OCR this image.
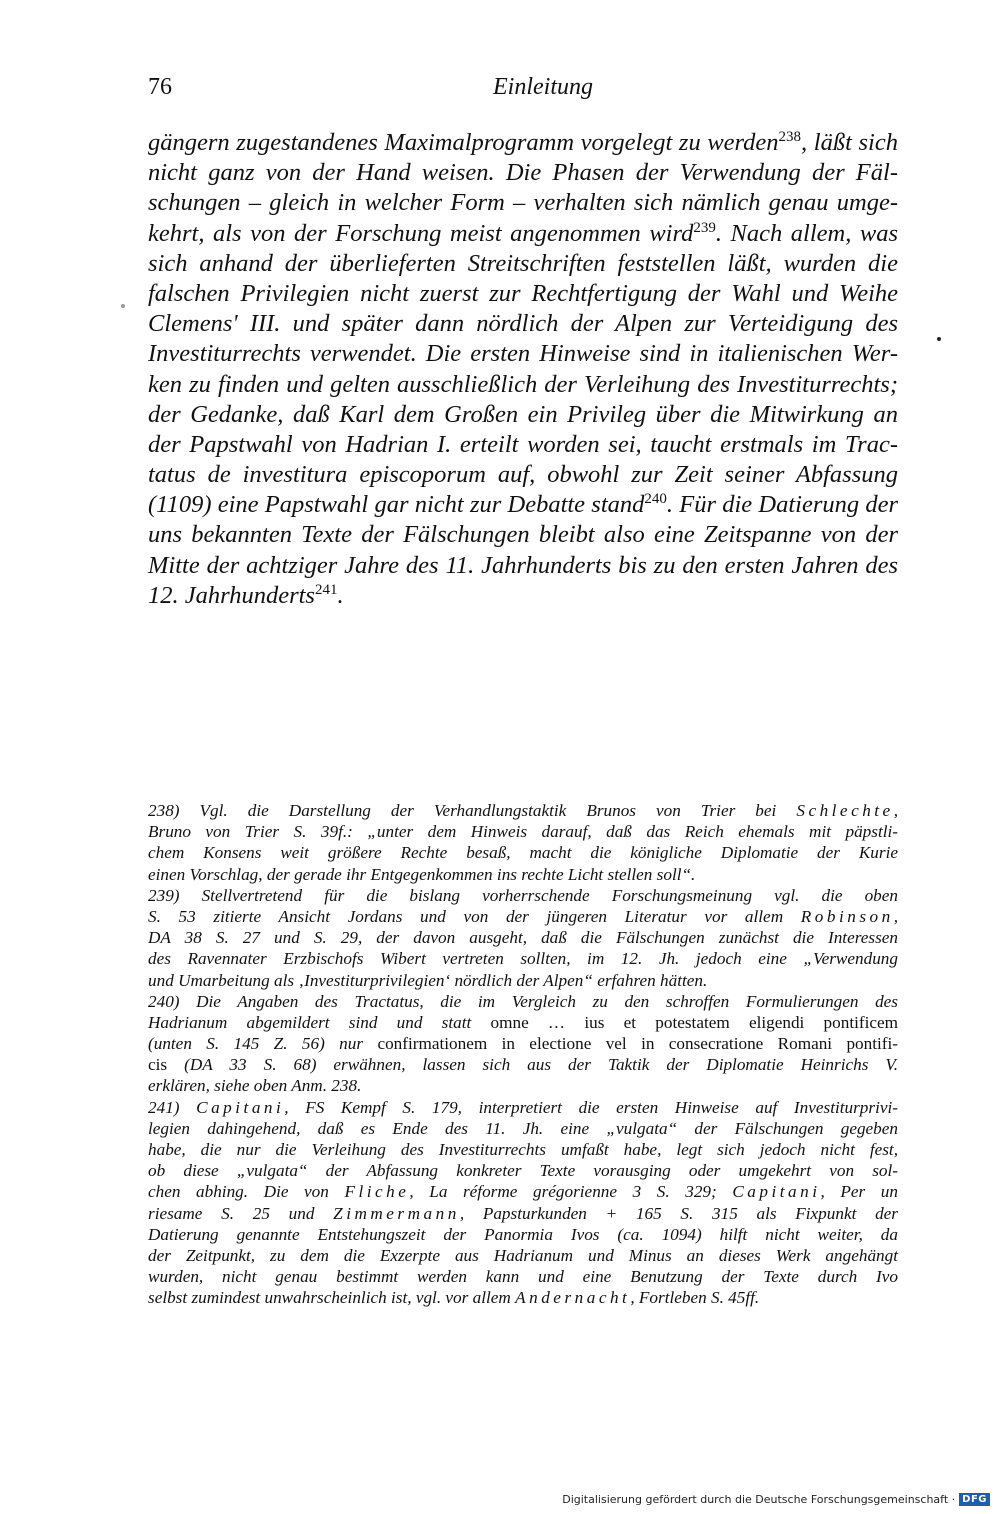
76	Einleitung
gängern zugestandenes Maximalprogramm vorgelegt zu werden$^{238}$, läßt sich
nicht ganz von der Hand weisen. Die Phasen der Verwendung der Fäl-
schungen – gleich in welcher Form – verhalten sich nämlich genau umge-
kehrt, als von der Forschung meist angenommen wird$^{239}$. Nach allem, was
sich anhand der überlieferten Streitschriften feststellen läßt, wurden die
falschen Privilegien nicht zuerst zur Rechtfertigung der Wahl und Weihe
Clemens' III. und später dann nördlich der Alpen zur Verteidigung des
Investiturrechts verwendet. Die ersten Hinweise sind in italienischen Wer-
ken zu finden und gelten ausschließlich der Verleihung des Investiturrechts;
der Gedanke, daß Karl dem Großen ein Privileg über die Mitwirkung an
der Papstwahl von Hadrian I. erteilt worden sei, taucht erstmals im Trac-
tatus de investitura episcoporum auf, obwohl zur Zeit seiner Abfassung
(1109) eine Papstwahl gar nicht zur Debatte stand$^{240}$. Für die Datierung der
uns bekannten Texte der Fälschungen bleibt also eine Zeitspanne von der
Mitte der achtziger Jahre des 11. Jahrhunderts bis zu den ersten Jahren des
12. Jahrhunderts$^{241}$.
238) Vgl. die Darstellung der Verhandlungstaktik Brunos von Trier bei Schlechte,
Bruno von Trier S. 39f.: „unter dem Hinweis darauf, daß das Reich ehemals mit päpstli-
chem Konsens weit größere Rechte besaß, macht die königliche Diplomatie der Kurie
einen Vorschlag, der gerade ihr Entgegenkommen ins rechte Licht stellen soll“.
239) Stellvertretend für die bislang vorherrschende Forschungsmeinung vgl. die oben
S. 53 zitierte Ansicht Jordans und von der jüngeren Literatur vor allem Robinson,
DA 38 S. 27 und S. 29, der davon ausgeht, daß die Fälschungen zunächst die Interessen
des Ravennater Erzbischofs Wibert vertreten sollten, im 12. Jh. jedoch eine „Verwendung
und Umarbeitung als ‚Investiturprivilegien‘ nördlich der Alpen“ erfahren hätten.
240) Die Angaben des Tractatus, die im Vergleich zu den schroffen Formulierungen des
Hadrianum abgemildert sind und statt omne … ius et potestatem eligendi pontificem
(unten S. 145 Z. 56) nur confirmationem in electione vel in consecratione Romani pontifi-
cis (DA 33 S. 68) erwähnen, lassen sich aus der Taktik der Diplomatie Heinrichs V.
erklären, siehe oben Anm. 238.
241) Capitani, FS Kempf S. 179, interpretiert die ersten Hinweise auf Investiturprivi-
legien dahingehend, daß es Ende des 11. Jh. eine „vulgata“ der Fälschungen gegeben
habe, die nur die Verleihung des Investiturrechts umfaßt habe, legt sich jedoch nicht fest,
ob diese „vulgata“ der Abfassung konkreter Texte vorausging oder umgekehrt von sol-
chen abhing. Die von Fliche, La réforme grégorienne 3 S. 329; Capitani, Per un
riesame S. 25 und Zimmermann, Papsturkunden + 165 S. 315 als Fixpunkt der
Datierung genannte Entstehungszeit der Panormia Ivos (ca. 1094) hilft nicht weiter, da
der Zeitpunkt, zu dem die Exzerpte aus Hadrianum und Minus an dieses Werk angehängt
wurden, nicht genau bestimmt werden kann und eine Benutzung der Texte durch Ivo
selbst zumindest unwahrscheinlich ist, vgl. vor allem Andernacht, Fortleben S. 45ff.
Digitalisierung gefördert durch die Deutsche Forschungsgemeinschaft · DFG
